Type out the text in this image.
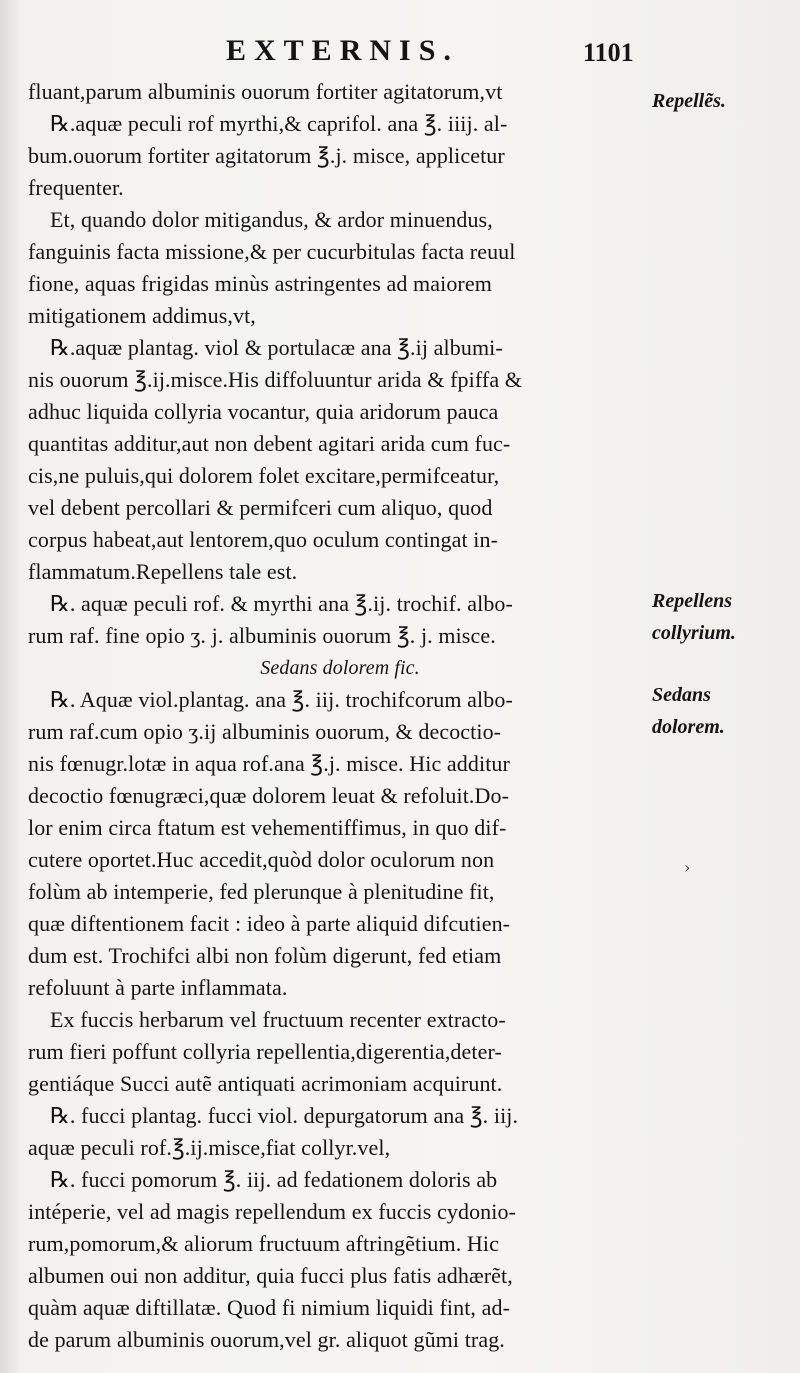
EXTERNIS.	1101
fluant,parum albuminis ouorum fortiter agitatorum,vt
℞.aquæ peculi rof myrthi,& caprifol. ana ℥. iiij. al-
bum.ouorum fortiter agitatorum ℥.j. misce, applicetur
frequenter.
Et, quando dolor mitigandus, & ardor minuendus,
fanguinis facta missione,& per cucurbitulas facta reuul
fione, aquas frigidas minùs astringentes ad maiorem
mitigationem addimus,vt,
℞.aquæ plantag. viol & portulacæ ana ℥.ij albumi-
nis ouorum ℥.ij.misce.His diffoluuntur arida & fpiffa &
adhuc liquida collyria vocantur, quia aridorum pauca
quantitas additur,aut non debent agitari arida cum fuc-
cis,ne puluis,qui dolorem folet excitare,permifceatur,
vel debent percollari & permifceri cum aliquo, quod
corpus habeat,aut lentorem,quo oculum contingat in-
flammatum.Repellens tale est.
℞. aquæ peculi rof. & myrthi ana ℥.ij. trochif. albo-
rum raf. fine opio ʒ. j. albuminis ouorum ℥. j. misce.
Sedans dolorem fic.
℞. Aquæ viol.plantag. ana ℥. iij. trochifcorum albo-
rum raf.cum opio ʒ.ij albuminis ouorum, & decoctio-
nis fœnugr.lotæ in aqua rof.ana ℥.j. misce. Hic additur
decoctio fœnugræci,quæ dolorem leuat & refoluit.Do-
lor enim circa ftatum est vehementiffimus, in quo dif-
cutere oportet.Huc accedit,quòd dolor oculorum non
folùm ab intemperie, fed plerunque à plenitudine fit,
quæ diftentionem facit : ideo à parte aliquid difcutien-
dum est. Trochifci albi non folùm digerunt, fed etiam
refoluunt à parte inflammata.
Ex fuccis herbarum vel fructuum recenter extracto-
rum fieri poffunt collyria repellentia,digerentia,deter-
gentiáque Succi autẽ antiquati acrimoniam acquirunt.
℞. fucci plantag. fucci viol. depurgatorum ana ℥. iij.
aquæ peculi rof.℥.ij.misce,fiat collyr.vel,
℞. fucci pomorum ℥. iij. ad fedationem doloris ab
intéperie, vel ad magis repellendum ex fuccis cydonio-
rum,pomorum,& aliorum fructuum aftringẽtium. Hic
albumen oui non additur, quia fucci plus fatis adhærẽt,
quàm aquæ diftillatæ. Quod fi nimium liquidi fint, ad-
de parum albuminis ouorum,vel gr. aliquot gũmi trag.
Repellẽs.
Repellens
collyrium.
Sedans
dolorem.
›
